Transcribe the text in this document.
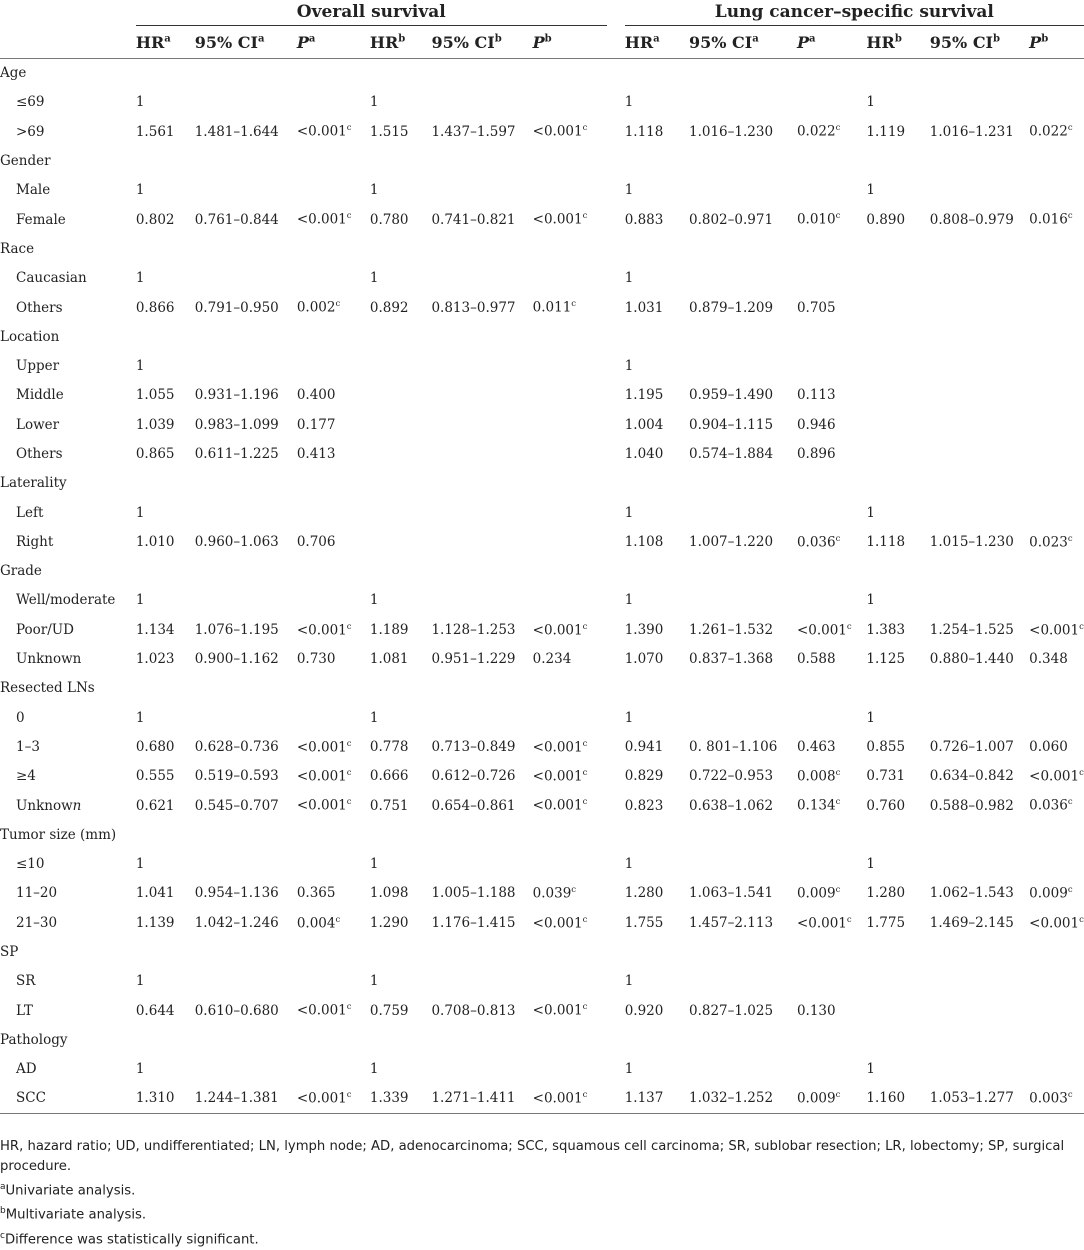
	Overall survival							Lung cancer–specific survival					

	$HR^a$	95% $CI^a$	$P^a$	$HR^b$	95% $CI^b$	$P^b$		$HR^a$	95% $CI^a$	$P^a$	$HR^b$	95% $CI^b$	$P^b$
Age													
≤69	1			1				1			1		
>69	1.561	1.481–1.644	<0.001$^c$	1.515	1.437–1.597	<0.001$^c$		1.118	1.016–1.230	0.022$^c$	1.119	1.016–1.231	0.022$^c$
Gender													
Male	1			1				1			1		
Female	0.802	0.761–0.844	<0.001$^c$	0.780	0.741–0.821	<0.001$^c$		0.883	0.802–0.971	0.010$^c$	0.890	0.808–0.979	0.016$^c$
Race													
Caucasian	1			1				1					
Others	0.866	0.791–0.950	0.002$^c$	0.892	0.813–0.977	0.011$^c$		1.031	0.879–1.209	0.705			
Location													
Upper	1							1					
Middle	1.055	0.931–1.196	0.400					1.195	0.959–1.490	0.113			
Lower	1.039	0.983–1.099	0.177					1.004	0.904–1.115	0.946			
Others	0.865	0.611–1.225	0.413					1.040	0.574–1.884	0.896			
Laterality													
Left	1							1			1		
Right	1.010	0.960–1.063	0.706					1.108	1.007–1.220	0.036$^c$	1.118	1.015–1.230	0.023$^c$
Grade													
Well/moderate	1			1				1			1		
Poor/UD	1.134	1.076–1.195	<0.001$^c$	1.189	1.128–1.253	<0.001$^c$		1.390	1.261–1.532	<0.001$^c$	1.383	1.254–1.525	<0.001$^c$
Unknown	1.023	0.900–1.162	0.730	1.081	0.951–1.229	0.234		1.070	0.837–1.368	0.588	1.125	0.880–1.440	0.348
Resected LNs													
0	1			1				1			1		
1–3	0.680	0.628–0.736	<0.001$^c$	0.778	0.713–0.849	<0.001$^c$		0.941	0. 801–1.106	0.463	0.855	0.726–1.007	0.060
≥4	0.555	0.519–0.593	<0.001$^c$	0.666	0.612–0.726	<0.001$^c$		0.829	0.722–0.953	0.008$^c$	0.731	0.634–0.842	<0.001$^c$
Unknown	0.621	0.545–0.707	<0.001$^c$	0.751	0.654–0.861	<0.001$^c$		0.823	0.638–1.062	0.134$^c$	0.760	0.588–0.982	0.036$^c$
Tumor size (mm)													
≤10	1			1				1			1		
11–20	1.041	0.954–1.136	0.365	1.098	1.005–1.188	0.039$^c$		1.280	1.063–1.541	0.009$^c$	1.280	1.062–1.543	0.009$^c$
21–30	1.139	1.042–1.246	0.004$^c$	1.290	1.176–1.415	<0.001$^c$		1.755	1.457–2.113	<0.001$^c$	1.775	1.469–2.145	<0.001$^c$
SP													
SR	1			1				1					
LT	0.644	0.610–0.680	<0.001$^c$	0.759	0.708–0.813	<0.001$^c$		0.920	0.827–1.025	0.130			
Pathology													
AD	1			1				1			1		
SCC	1.310	1.244–1.381	<0.001$^c$	1.339	1.271–1.411	<0.001$^c$		1.137	1.032–1.252	0.009$^c$	1.160	1.053–1.277	0.003$^c$
HR, hazard ratio; UD, undifferentiated; LN, lymph node; AD, adenocarcinoma; SCC, squamous cell carcinoma; SR, sublobar resection; LR, lobectomy; SP, surgical procedure.
$^a$Univariate analysis.
$^b$Multivariate analysis.
$^c$Difference was statistically significant.
